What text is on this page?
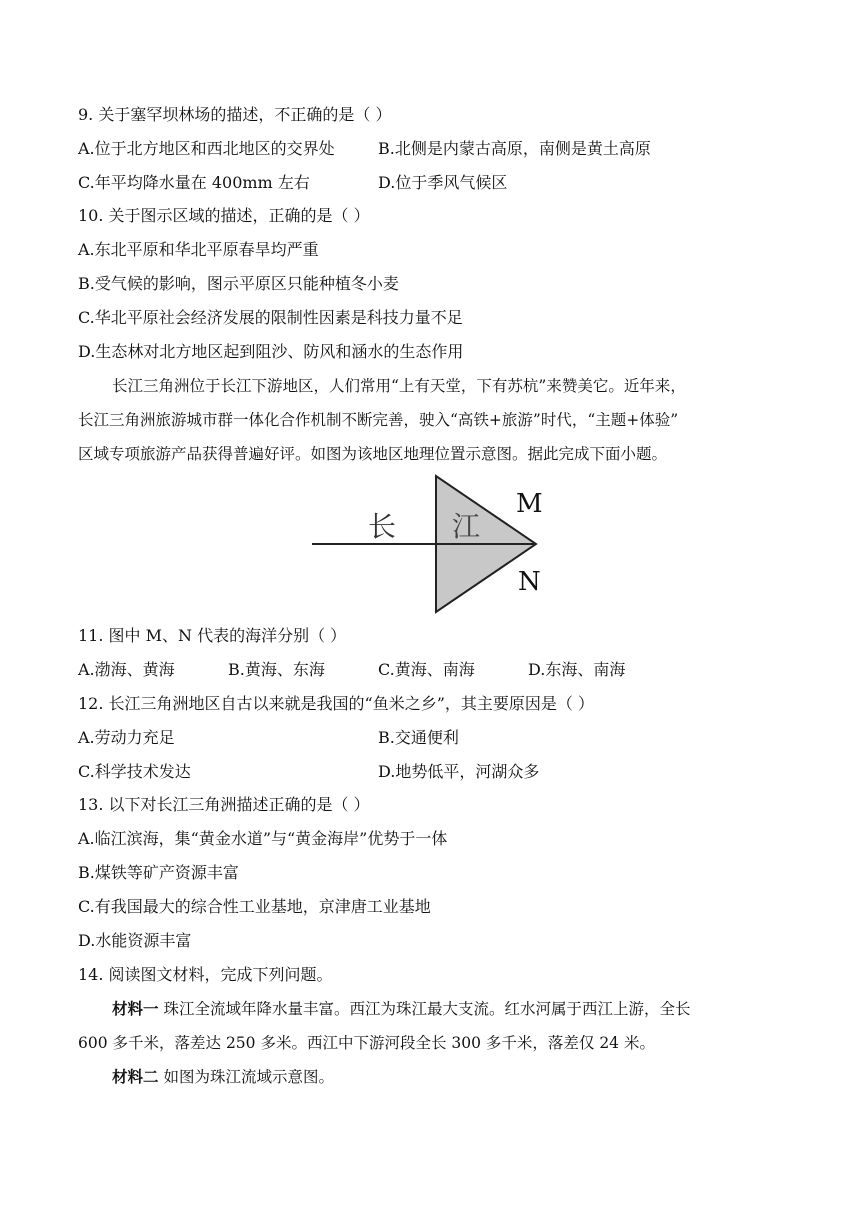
9. 关于塞罕坝林场的描述，不正确的是（ ）
A.位于北方地区和西北地区的交界处	B.北侧是内蒙古高原，南侧是黄土高原
C.年平均降水量在 400mm 左右	D.位于季风气候区
10. 关于图示区域的描述，正确的是（ ）
A.东北平原和华北平原春旱均严重
B.受气候的影响，图示平原区只能种植冬小麦
C.华北平原社会经济发展的限制性因素是科技力量不足
D.生态林对北方地区起到阻沙、防风和涵水的生态作用
长江三角洲位于长江下游地区，人们常用“上有天堂，下有苏杭”来赞美它。近年来，
长江三角洲旅游城市群一体化合作机制不断完善，驶入“高铁+旅游”时代，“主题+体验”
区域专项旅游产品获得普遍好评。如图为该地区地理位置示意图。据此完成下面小题。
长 江
M
N
11. 图中 M、N 代表的海洋分别（ ）
A.渤海、黄海	B.黄海、东海	C.黄海、南海	D.东海、南海
12. 长江三角洲地区自古以来就是我国的“鱼米之乡”，其主要原因是（ ）
A.劳动力充足	B.交通便利
C.科学技术发达	D.地势低平，河湖众多
13. 以下对长江三角洲描述正确的是（ ）
A.临江滨海，集“黄金水道”与“黄金海岸”优势于一体
B.煤铁等矿产资源丰富
C.有我国最大的综合性工业基地，京津唐工业基地
D.水能资源丰富
14. 阅读图文材料，完成下列问题。
材料一 珠江全流域年降水量丰富。西江为珠江最大支流。红水河属于西江上游，全长
600 多千米，落差达 250 多米。西江中下游河段全长 300 多千米，落差仅 24 米。
材料二 如图为珠江流域示意图。
